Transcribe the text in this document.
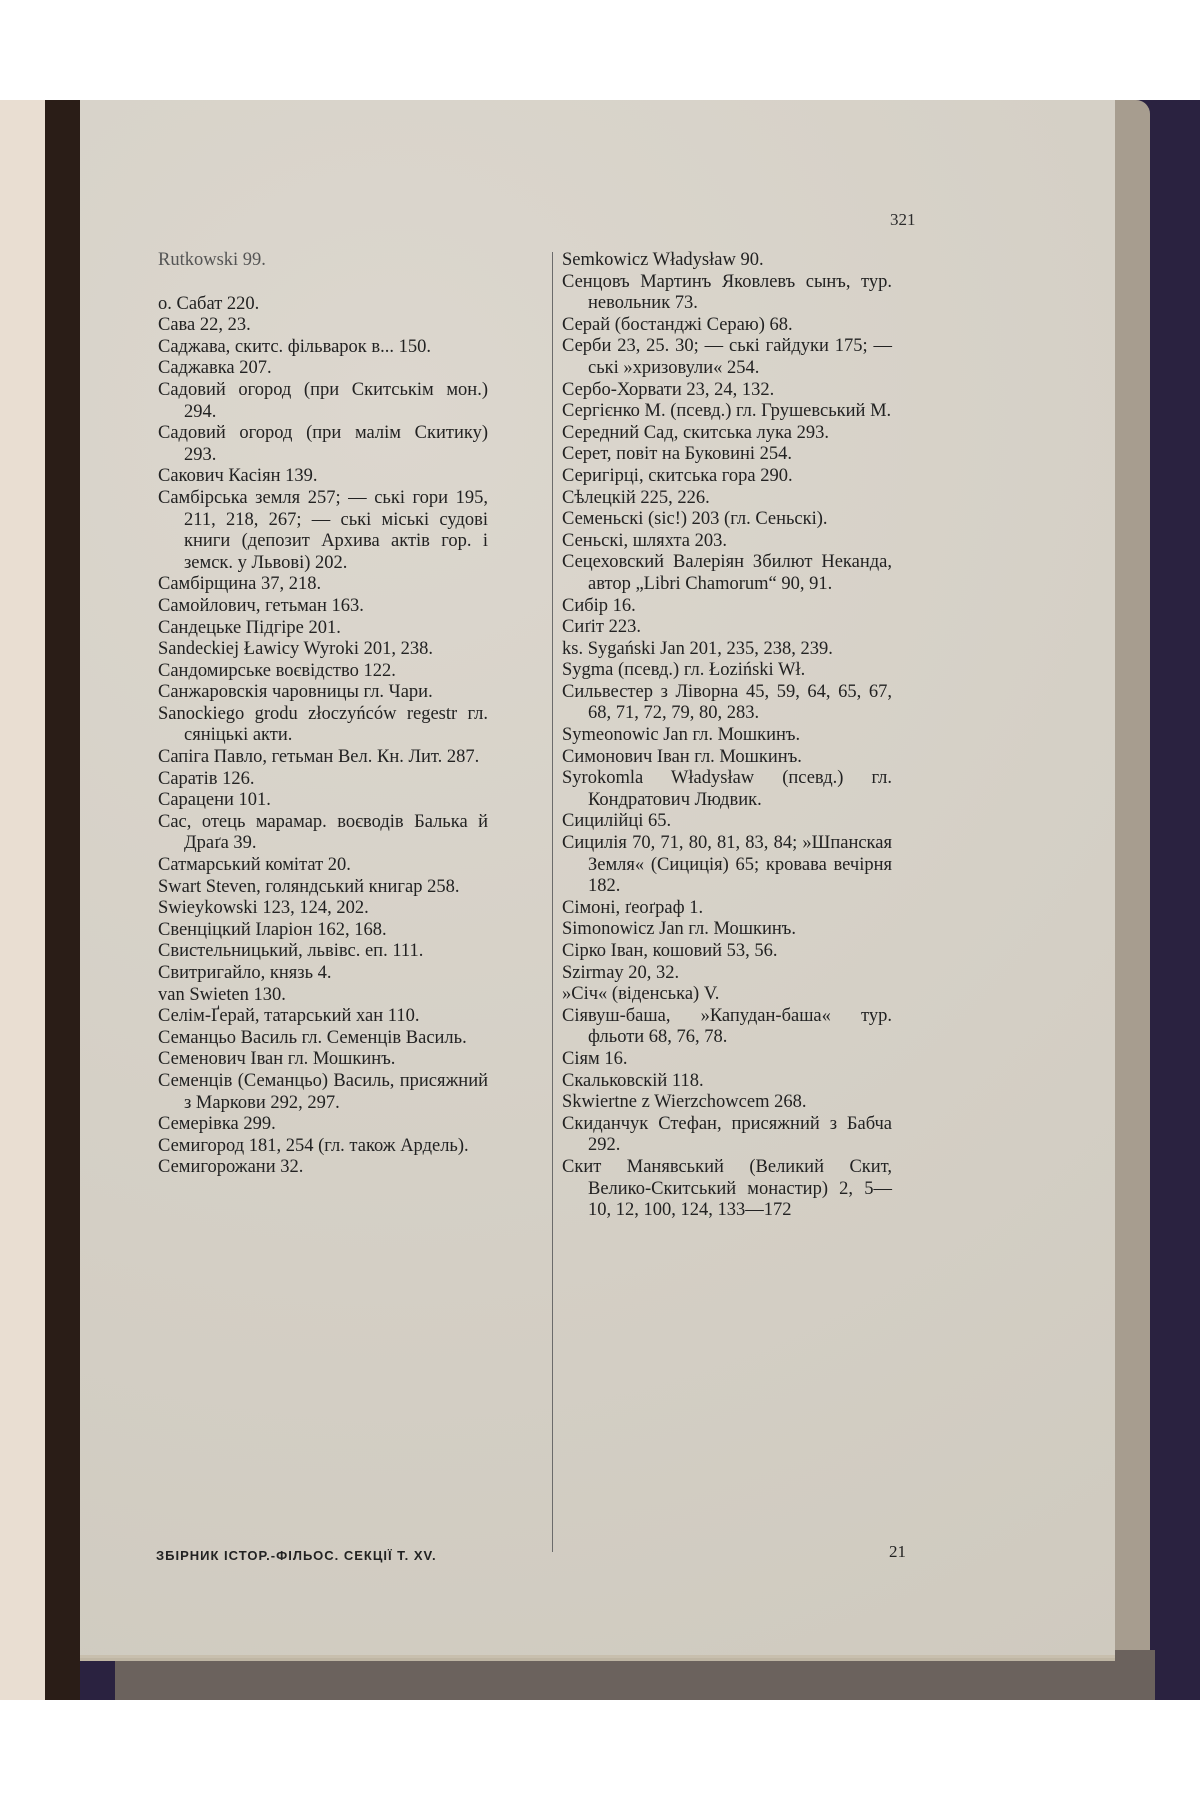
321

Rutkowski 99.

о. Сабат 220.

Сава 22, 23.

Саджава, скитс. фільварок в... 150.

Саджавка 207.

Садовий огород (при Скитськім мон.) 294.

Садовий огород (при малім Скитику) 293.

Сакович Касіян 139.

Самбірська земля 257; — ські гори 195, 211, 218, 267; — ські міські судові книги (депозит Архива актів гор. і земск. у Львові) 202.

Самбірщина 37, 218.

Самойлович, гетьман 163.

Сандецьке Підгіре 201.

Sandeckiej Ławicy Wyroki 201, 238.

Сандомирське воєвідство 122.

Санжаровскія чаровницы гл. Чари.

Sanockiego grodu złoczyńców regestr гл. сяніцькі акти.

Сапіга Павло, гетьман Вел. Кн. Лит. 287.

Саратів 126.

Сарацени 101.

Сас, отець марамар. воєводів Балька й Драґа 39.

Сатмарський комітат 20.

Swart Steven, голяндський книгар 258.

Swieykowski 123, 124, 202.

Свенціцкий Іларіон 162, 168.

Свистельницький, львівс. еп. 111.

Свитригайло, князь 4.

van Swieten 130.

Селім-Ґерай, татарський хан 110.

Семанцьо Василь гл. Семенців Василь.

Семенович Іван гл. Мошкинъ.

Семенців (Семанцьо) Василь, присяжний з Маркови 292, 297.

Семерівка 299.

Семигород 181, 254 (гл. також Ардель).

Семигорожани 32.

Semkowicz Władysław 90.

Сенцовъ Мартинъ Яковлевъ сынъ, тур. невольник 73.

Серай (бостанджі Сераю) 68.

Серби 23, 25. 30; — ські гайдуки 175; — ські »хризовули« 254.

Сербо-Хорвати 23, 24, 132.

Сергієнко М. (псевд.) гл. Грушевський М.

Середний Сад, скитська лука 293.

Серет, повіт на Буковині 254.

Серигірці, скитська гора 290.

Сѣлецкій 225, 226.

Семеньскі (sic!) 203 (гл. Сеньскі).

Сеньскі, шляхта 203.

Сецеховский Валеріян Збилют Неканда, автор „Libri Chamorum“ 90, 91.

Сибір 16.

Сиґіт 223.

ks. Sygański Jan 201, 235, 238, 239.

Sygma (псевд.) гл. Łoziński Wł.

Сильвестер з Ліворна 45, 59, 64, 65, 67, 68, 71, 72, 79, 80, 283.

Symeonowic Jan гл. Мошкинъ.

Симонович Іван гл. Мошкинъ.

Syrokomla Władysław (псевд.) гл. Кондратович Людвик.

Сицилійці 65.

Сицилія 70, 71, 80, 81, 83, 84; »Шпанская Земля« (Сициція) 65; кровава вечірня 182.

Сімоні, ґеоґраф 1.

Simonowicz Jan гл. Мошкинъ.

Сірко Іван, кошовий 53, 56.

Szirmay 20, 32.

»Січ« (віденська) V.

Сіявуш-баша, »Капудан-баша« тур. фльоти 68, 76, 78.

Сіям 16.

Скальковскій 118.

Skwiertne z Wierzchowcem 268.

Скиданчук Стефан, присяжний з Бабча 292.

Скит Манявський (Великий Скит, Велико-Скитський монастир) 2, 5—10, 12, 100, 124, 133—172

ЗБІРНИК ІСТОР.-ФІЛЬОС. СЕКЦІЇ Т. XV.	21
